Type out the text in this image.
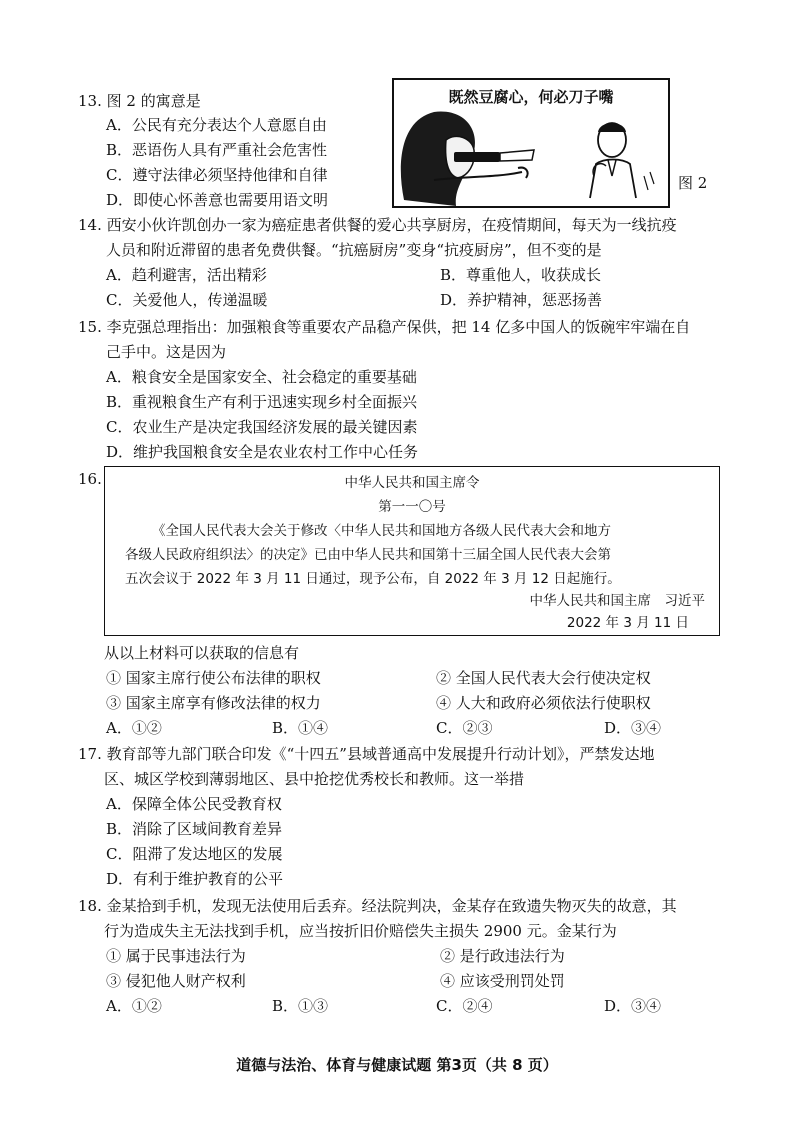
13. 图 2 的寓意是
A．公民有充分表达个人意愿自由
B．恶语伤人具有严重社会危害性
C．遵守法律必须坚持他律和自律
D．即使心怀善意也需要用语文明
既然豆腐心，何必刀子嘴
图 2
14. 西安小伙许凯创办一家为癌症患者供餐的爱心共享厨房，在疫情期间，每天为一线抗疫
人员和附近滞留的患者免费供餐。“抗癌厨房”变身“抗疫厨房”，但不变的是
A．趋利避害，活出精彩	B．尊重他人，收获成长
C．关爱他人，传递温暖	D．养护精神，惩恶扬善
15. 李克强总理指出：加强粮食等重要农产品稳产保供，把 14 亿多中国人的饭碗牢牢端在自
己手中。这是因为
A．粮食安全是国家安全、社会稳定的重要基础
B．重视粮食生产有利于迅速实现乡村全面振兴
C．农业生产是决定我国经济发展的最关键因素
D．维护我国粮食安全是农业农村工作中心任务
16.	中华人民共和国主席令
第一一〇号
《全国人民代表大会关于修改〈中华人民共和国地方各级人民代表大会和地方
各级人民政府组织法〉的决定》已由中华人民共和国第十三届全国人民代表大会第
五次会议于 2022 年 3 月 11 日通过，现予公布，自 2022 年 3 月 12 日起施行。
中华人民共和国主席　习近平
2022 年 3 月 11 日
从以上材料可以获取的信息有
① 国家主席行使公布法律的职权	② 全国人民代表大会行使决定权
③ 国家主席享有修改法律的权力	④ 人大和政府必须依法行使职权
A．①②	B．①④	C．②③	D．③④
17. 教育部等九部门联合印发《“十四五”县域普通高中发展提升行动计划》，严禁发达地
区、城区学校到薄弱地区、县中抢挖优秀校长和教师。这一举措
A．保障全体公民受教育权
B．消除了区域间教育差异
C．阻滞了发达地区的发展
D．有利于维护教育的公平
18. 金某拾到手机，发现无法使用后丢弃。经法院判决，金某存在致遗失物灭失的故意，其
行为造成失主无法找到手机，应当按折旧价赔偿失主损失 2900 元。金某行为
① 属于民事违法行为	② 是行政违法行为
③ 侵犯他人财产权利	④ 应该受刑罚处罚
A．①②	B．①③	C．②④	D．③④
道德与法治、体育与健康试题 第3页（共 8 页）
